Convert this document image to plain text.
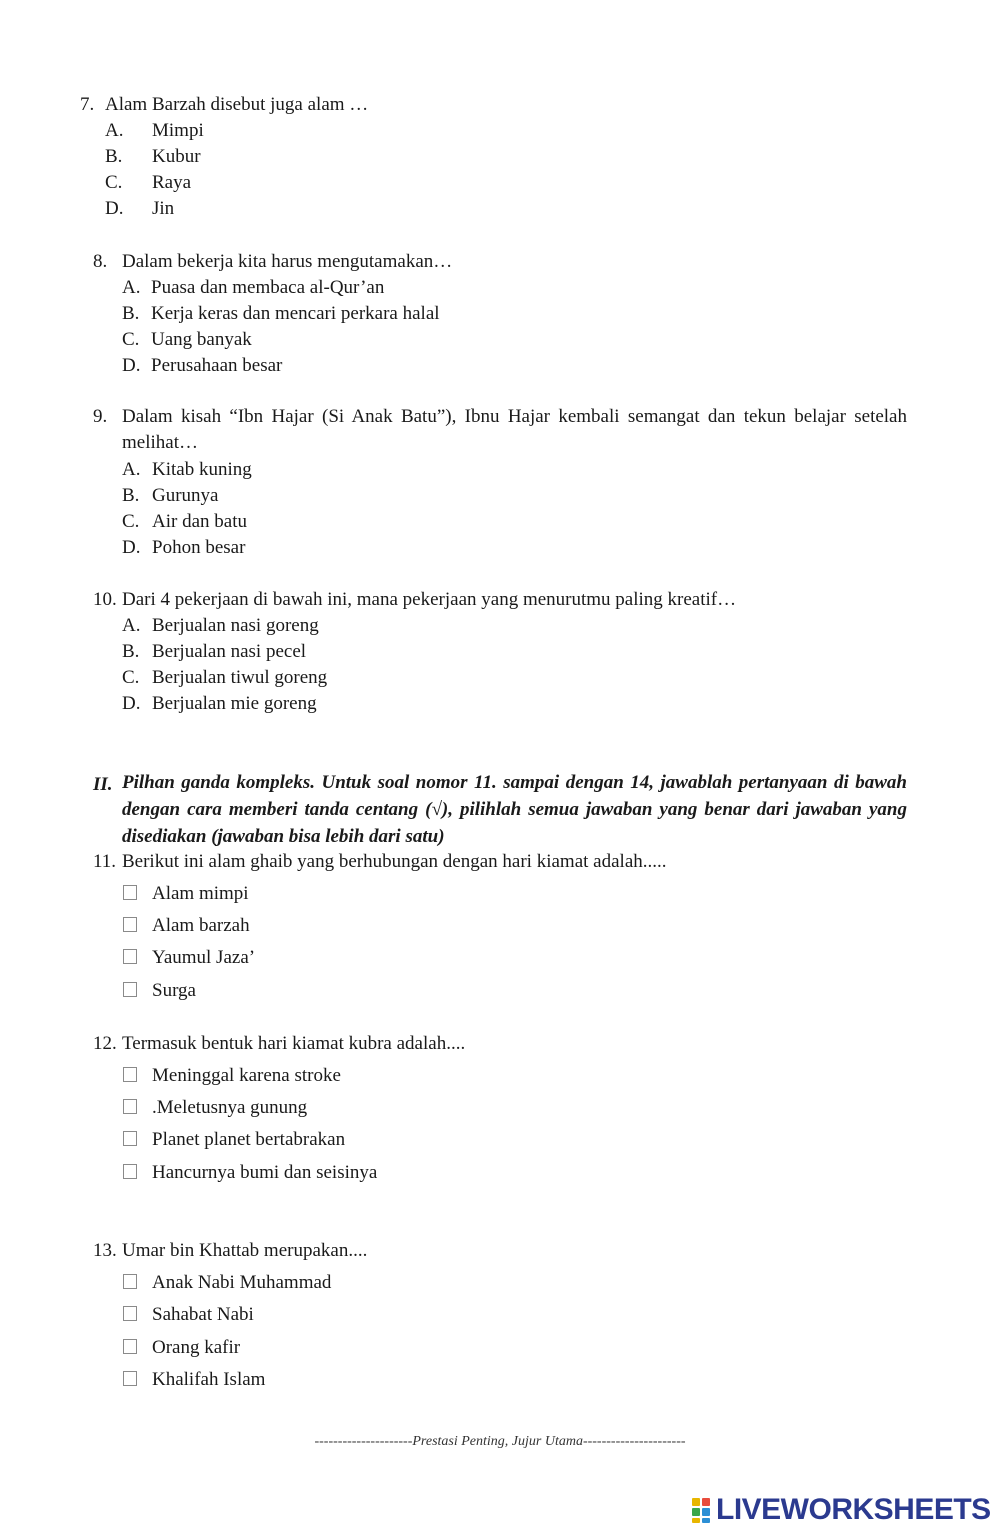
7. Alam Barzah disebut juga alam …
A. Mimpi
B. Kubur
C. Raya
D. Jin
8. Dalam bekerja kita harus mengutamakan…
A. Puasa dan membaca al-Qur’an
B. Kerja keras dan mencari perkara halal
C. Uang banyak
D. Perusahaan besar
9. Dalam kisah “Ibn Hajar (Si Anak Batu”), Ibnu Hajar kembali semangat dan tekun belajar setelah melihat…
A. Kitab kuning
B. Gurunya
C. Air dan batu
D. Pohon besar
10. Dari 4 pekerjaan di bawah ini, mana pekerjaan yang menurutmu paling kreatif…
A. Berjualan nasi goreng
B. Berjualan nasi pecel
C. Berjualan tiwul goreng
D. Berjualan mie goreng
II. Pilhan ganda kompleks. Untuk soal nomor 11. sampai dengan 14, jawablah pertanyaan di bawah dengan cara memberi tanda centang (√), pilihlah semua jawaban yang benar dari jawaban yang disediakan (jawaban bisa lebih dari satu)
11. Berikut ini alam ghaib yang berhubungan dengan hari kiamat adalah.....
Alam mimpi
Alam barzah
Yaumul Jaza’
Surga
12. Termasuk bentuk hari kiamat kubra adalah....
Meninggal karena stroke
.Meletusnya gunung
Planet planet bertabrakan
Hancurnya bumi dan seisinya
13. Umar bin Khattab merupakan....
Anak Nabi Muhammad
Sahabat Nabi
Orang kafir
Khalifah Islam
---------------------Prestasi Penting, Jujur Utama----------------------
LIVEWORKSHEETS
